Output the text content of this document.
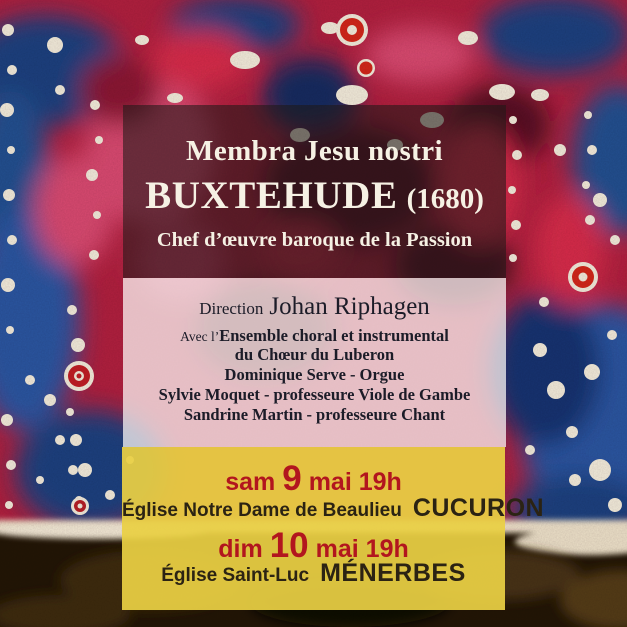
Membra Jesu nostri
BUXTEHUDE (1680)
Chef d’œuvre baroque de la Passion
Direction Johan Riphagen
Avec l’Ensemble choral et instrumental
du Chœur du Luberon
Dominique Serve - Orgue
Sylvie Moquet - professeure Viole de Gambe
Sandrine Martin - professeure Chant
sam 9 mai 19h
Église Notre Dame de Beaulieu CUCURON
dim 10 mai 19h
Église Saint-Luc MÉNERBES
